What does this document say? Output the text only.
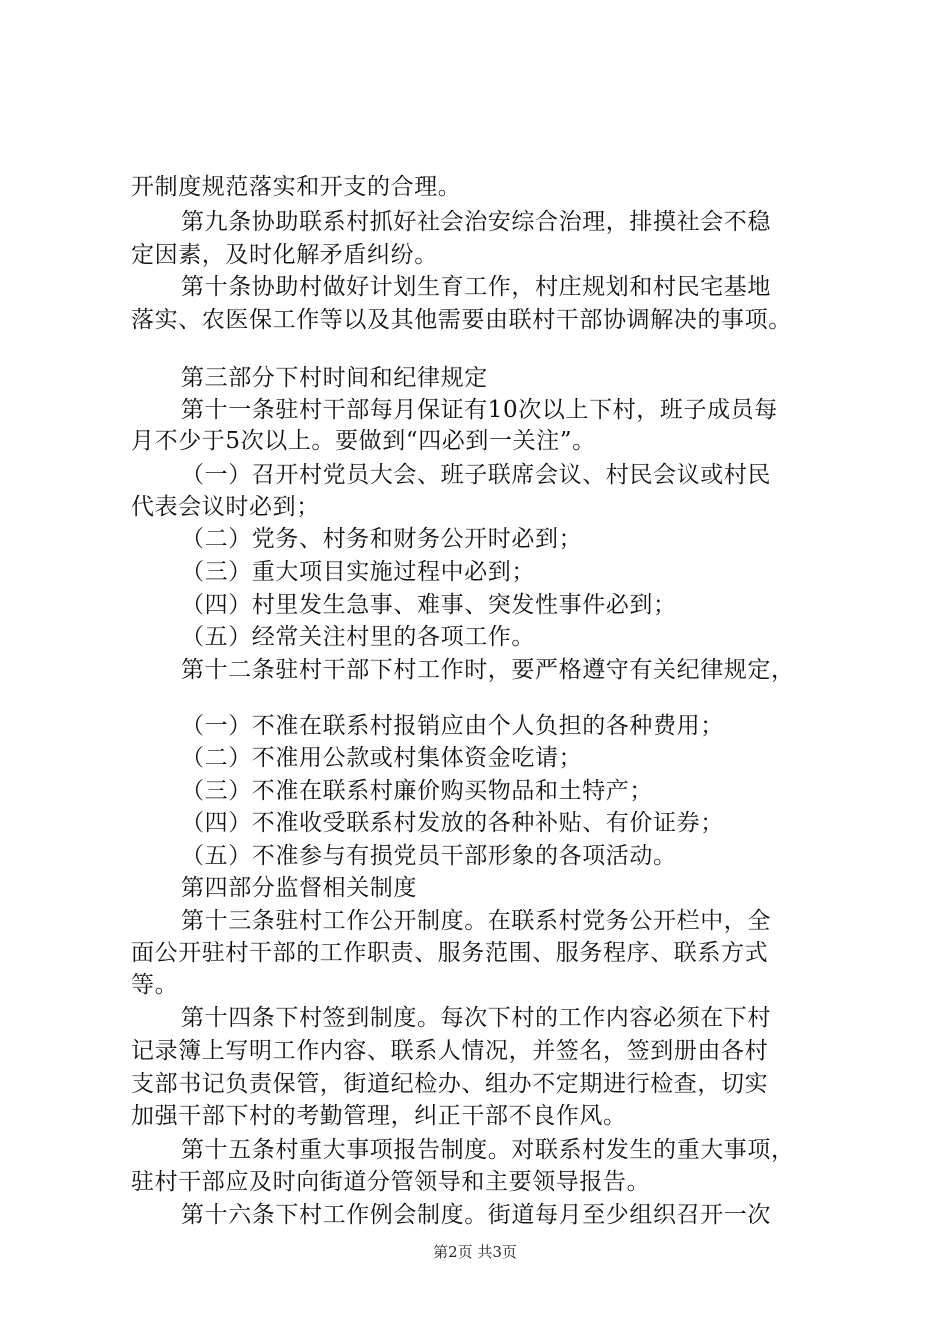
开制度规范落实和开支的合理。
第九条协助联系村抓好社会治安综合治理，排摸社会不稳
定因素，及时化解矛盾纠纷。
第十条协助村做好计划生育工作，村庄规划和村民宅基地
落实、农医保工作等以及其他需要由联村干部协调解决的事项。
第三部分下村时间和纪律规定
第十一条驻村干部每月保证有10次以上下村，班子成员每
月不少于5次以上。要做到“四必到一关注”。
（一）召开村党员大会、班子联席会议、村民会议或村民
代表会议时必到；
（二）党务、村务和财务公开时必到；
（三）重大项目实施过程中必到；
（四）村里发生急事、难事、突发性事件必到；
（五）经常关注村里的各项工作。
第十二条驻村干部下村工作时，要严格遵守有关纪律规定，
（一）不准在联系村报销应由个人负担的各种费用；
（二）不准用公款或村集体资金吃请；
（三）不准在联系村廉价购买物品和土特产；
（四）不准收受联系村发放的各种补贴、有价证券；
（五）不准参与有损党员干部形象的各项活动。
第四部分监督相关制度
第十三条驻村工作公开制度。在联系村党务公开栏中，全
面公开驻村干部的工作职责、服务范围、服务程序、联系方式
等。
第十四条下村签到制度。每次下村的工作内容必须在下村
记录簿上写明工作内容、联系人情况，并签名，签到册由各村
支部书记负责保管，街道纪检办、组办不定期进行检查，切实
加强干部下村的考勤管理，纠正干部不良作风。
第十五条村重大事项报告制度。对联系村发生的重大事项，
驻村干部应及时向街道分管领导和主要领导报告。
第十六条下村工作例会制度。街道每月至少组织召开一次
第2页 共3页
